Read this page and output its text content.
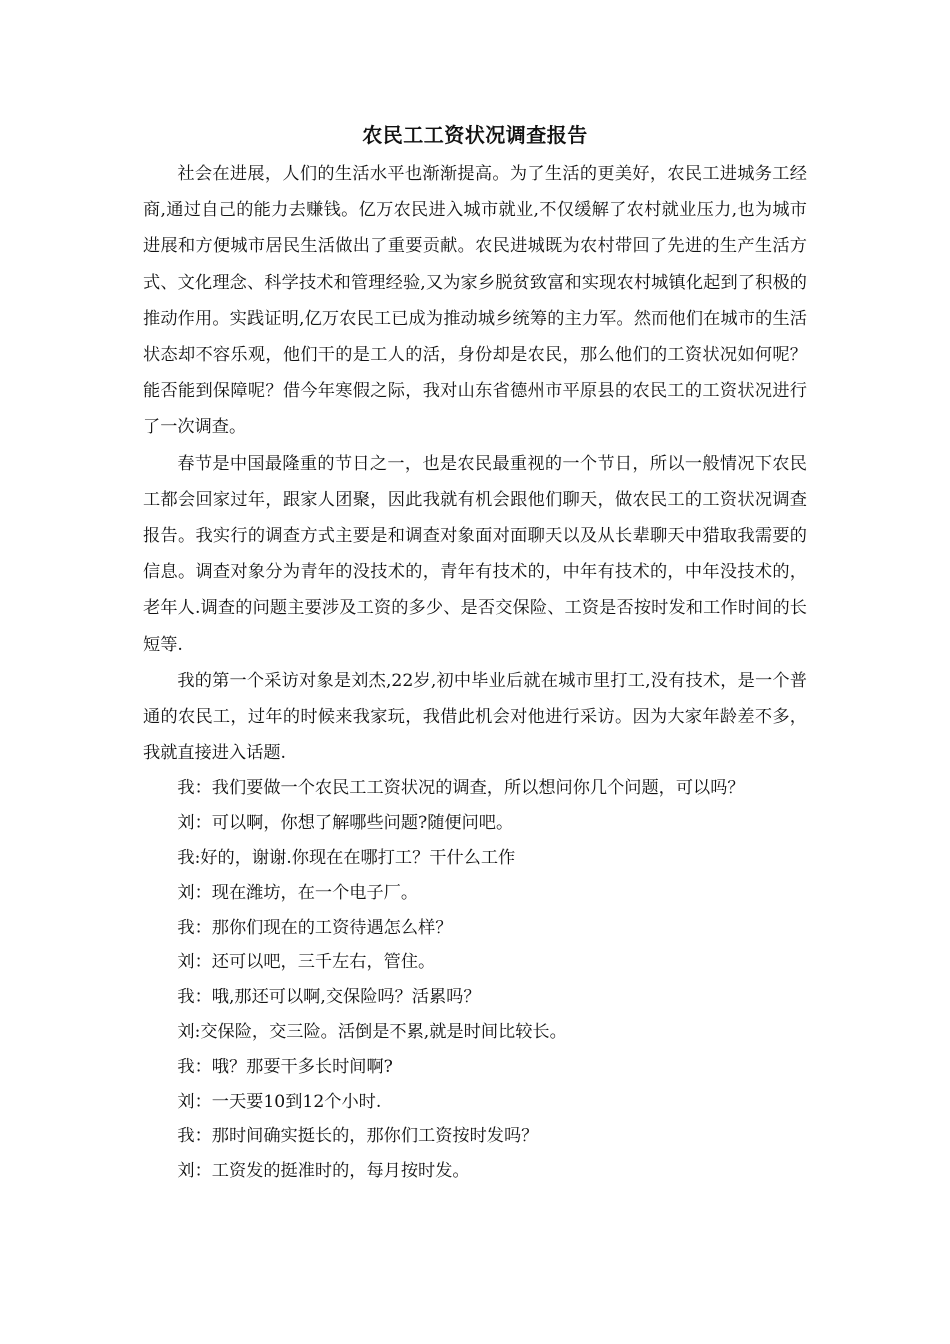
农民工工资状况调查报告

社会在进展，人们的生活水平也渐渐提高。为了生活的更美好，农民工进城务工经商,通过自己的能力去赚钱。亿万农民进入城市就业,不仅缓解了农村就业压力,也为城市进展和方便城市居民生活做出了重要贡献。农民进城既为农村带回了先进的生产生活方式、文化理念、科学技术和管理经验,又为家乡脱贫致富和实现农村城镇化起到了积极的推动作用。实践证明,亿万农民工已成为推动城乡统筹的主力军。然而他们在城市的生活状态却不容乐观，他们干的是工人的活，身份却是农民，那么他们的工资状况如何呢？能否能到保障呢？借今年寒假之际，我对山东省德州市平原县的农民工的工资状况进行了一次调查。

春节是中国最隆重的节日之一，也是农民最重视的一个节日，所以一般情况下农民工都会回家过年，跟家人团聚，因此我就有机会跟他们聊天，做农民工的工资状况调查报告。我实行的调查方式主要是和调查对象面对面聊天以及从长辈聊天中猎取我需要的信息。调查对象分为青年的没技术的，青年有技术的，中年有技术的，中年没技术的，老年人.调查的问题主要涉及工资的多少、是否交保险、工资是否按时发和工作时间的长短等.

我的第一个采访对象是刘杰,22岁,初中毕业后就在城市里打工,没有技术，是一个普通的农民工，过年的时候来我家玩，我借此机会对他进行采访。因为大家年龄差不多，我就直接进入话题.

我：我们要做一个农民工工资状况的调查，所以想问你几个问题，可以吗？

刘：可以啊，你想了解哪些问题?随便问吧。

我:好的，谢谢.你现在在哪打工？干什么工作

刘：现在潍坊，在一个电子厂。

我：那你们现在的工资待遇怎么样？

刘：还可以吧，三千左右，管住。

我：哦,那还可以啊,交保险吗？活累吗？

刘:交保险，交三险。活倒是不累,就是时间比较长。

我：哦？那要干多长时间啊?

刘：一天要10到12个小时.

我：那时间确实挺长的，那你们工资按时发吗？

刘：工资发的挺准时的，每月按时发。
